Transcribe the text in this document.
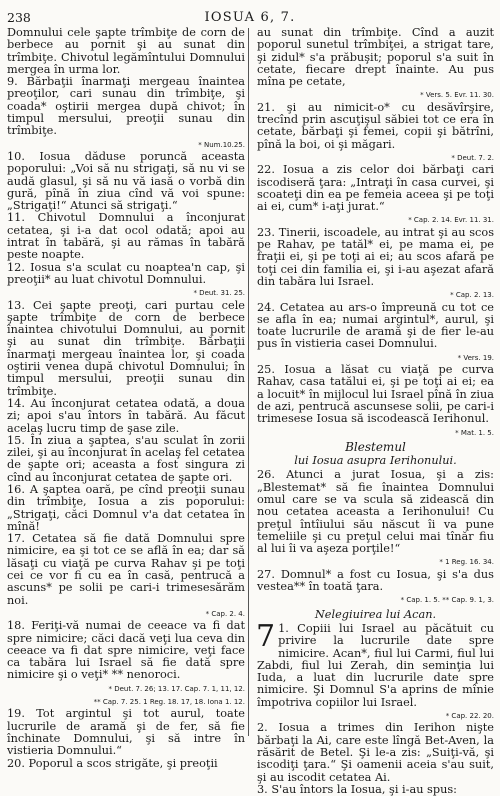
238	IOSUA 6, 7.

Domnului cele şapte trîmbiţe de corn de berbece au pornit şi au sunat din trîmbiţe. Chivotul legămîntului Domnului mergea în urma lor.

9. Bărbaţii înarmaţi mergeau înaintea preoţilor, cari sunau din trîmbiţe, şi coada* oştirii mergea după chivot; în timpul mersului, preoţii sunau din trîmbiţe.

* Num.10.25.

10. Iosua dăduse poruncă aceasta poporului: „Voi să nu strigaţi, să nu vi se audă glasul, şi să nu vă iasă o vorbă din gură, pînă în ziua cînd vă voi spune: „Strigaţi!“ Atunci să strigaţi.“

11. Chivotul Domnului a înconjurat cetatea, şi i-a dat ocol odată; apoi au intrat în tabără, şi au rămas în tabără peste noapte.

12. Iosua s'a sculat cu noaptea'n cap, şi preoţii* au luat chivotul Domnului.

* Deut. 31. 25.

13. Cei şapte preoţi, cari purtau cele şapte trîmbiţe de corn de berbece înaintea chivotului Domnului, au pornit şi au sunat din trîmbiţe. Bărbaţii înarmaţi mergeau înaintea lor, şi coada oştirii venea după chivotul Domnului; în timpul mersului, preoţii sunau din trîmbiţe.

14. Au înconjurat cetatea odată, a doua zi; apoi s'au întors în tabără. Au făcut acelaş lucru timp de şase zile.

15. În ziua a şaptea, s'au sculat în zorii zilei, şi au înconjurat în acelaş fel cetatea de şapte ori; aceasta a fost singura zi cînd au înconjurat cetatea de şapte ori.

16. A şaptea oară, pe cînd preoţii sunau din trîmbiţe, Iosua a zis poporului: „Strigaţi, căci Domnul v'a dat cetatea în mînă!

17. Cetatea să fie dată Domnului spre nimicire, ea şi tot ce se află în ea; dar să lăsaţi cu viaţă pe curva Rahav şi pe toţi cei ce vor fi cu ea în casă, pentrucă a ascuns* pe solii pe cari-i trimesesărăm noi.

* Cap. 2. 4.

18. Feriţi-vă numai de ceeace va fi dat spre nimicire; căci dacă veţi lua ceva din ceeace va fi dat spre nimicire, veţi face ca tabăra lui Israel să fie dată spre nimicire şi o veţi* ** nenoroci.

* Deut. 7. 26; 13. 17. Cap. 7. 1, 11, 12.

** Cap. 7. 25. 1 Reg. 18. 17, 18. Iona 1. 12.

19. Tot argintul şi tot aurul, toate lucrurile de aramă şi de fer, să fie închinate Domnului, şi să intre în vistieria Domnului.“

20. Poporul a scos strigăte, şi preoţii

au sunat din trîmbiţe. Cînd a auzit poporul sunetul trîmbiţei, a strigat tare, şi zidul* s'a prăbuşit; poporul s'a suit în cetate, fiecare drept înainte. Au pus mîna pe cetate,

* Vers. 5. Evr. 11. 30.

21. şi au nimicit-o* cu desăvîrşire, trecînd prin ascuţişul săbiei tot ce era în cetate, bărbaţi şi femei, copii şi bătrîni, pînă la boi, oi şi măgari.

* Deut. 7. 2.

22. Iosua a zis celor doi bărbaţi cari iscodiseră ţara: „Intraţi în casa curvei, şi scoateţi din ea pe femeia aceea şi pe toţi ai ei, cum* i-aţi jurat.“

* Cap. 2. 14. Evr. 11. 31.

23. Tinerii, iscoadele, au intrat şi au scos pe Rahav, pe tatăl* ei, pe mama ei, pe fraţii ei, şi pe toţi ai ei; au scos afară pe toţi cei din familia ei, şi i-au aşezat afară din tabăra lui Israel.

* Cap. 2. 13.

24. Cetatea au ars-o împreună cu tot ce se afla în ea; numai argintul*, aurul, şi toate lucrurile de aramă şi de fier le-au pus în vistieria casei Domnului.

* Vers. 19.

25. Iosua a lăsat cu viaţă pe curva Rahav, casa tatălui ei, şi pe toţi ai ei; ea a locuit* în mijlocul lui Israel pînă în ziua de azi, pentrucă ascunsese solii, pe cari-i trimesese Iosua să iscodească Ierihonul.

* Mat. 1. 5.

Blestemul

lui Iosua asupra Ierihonului.

26. Atunci a jurat Iosua, şi a zis: „Blestemat* să fie înaintea Domnului omul care se va scula să zidească din nou cetatea aceasta a Ierihonului! Cu preţul întîiului său născut îi va pune temeliile şi cu preţul celui mai tînăr fiu al lui îi va aşeza porţile!“

* 1 Reg. 16. 34.

27. Domnul* a fost cu Iosua, şi s'a dus vestea** în toată ţara.

* Cap. 1. 5. ** Cap. 9. 1, 3.

Nelegiuirea lui Acan.

7 1. Copiii lui Israel au păcătuit cu privire la lucrurile date spre nimicire. Acan*, fiul lui Carmi, fiul lui Zabdi, fiul lui Zerah, din seminţia lui Iuda, a luat din lucrurile date spre nimicire. Şi Domnul S'a aprins de mînie împotriva copiilor lui Israel.

* Cap. 22. 20.

2. Iosua a trimes din Ierihon nişte bărbaţi la Ai, care este lîngă Bet-Aven, la răsărit de Betel. Şi le-a zis: „Suiţi-vă, şi iscodiţi ţara.“ Şi oamenii aceia s'au suit, şi au iscodit cetatea Ai.

3. S'au întors la Iosua, şi i-au spus:
